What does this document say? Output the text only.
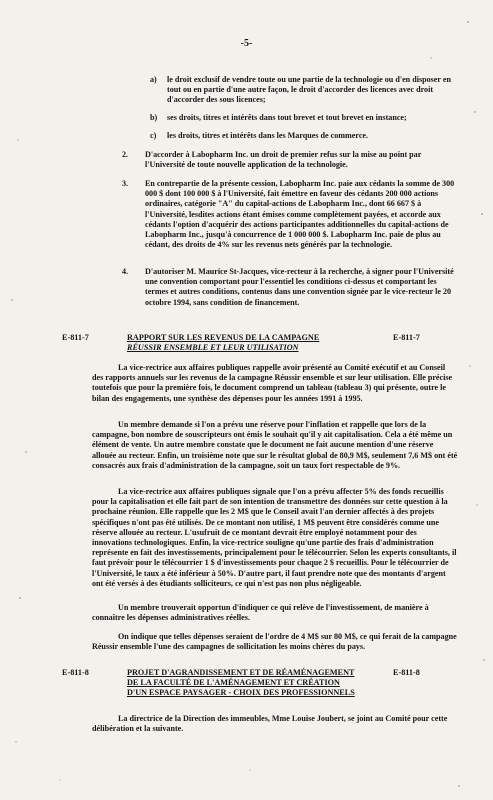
-5-
a) le droit exclusif de vendre toute ou une partie de la technologie ou d'en disposer en tout ou en partie d'une autre façon, le droit d'accorder des licences avec droit d'accorder des sous licences;
b) ses droits, titres et intérêts dans tout brevet et tout brevet en instance;
c) les droits, titres et intérêts dans les Marques de commerce.
2. D'accorder à Labopharm Inc. un droit de premier refus sur la mise au point par l'Université de toute nouvelle application de la technologie.
3. En contrepartie de la présente cession, Labopharm Inc. paie aux cédants la somme de 300 000 $ dont 100 000 $ à l'Université, fait émettre en faveur des cédants 200 000 actions ordinaires, catégorie "A" du capital-actions de Labopharm Inc., dont 66 667 $ à l'Université, lesdites actions étant émises comme complètement payées, et accorde aux cédants l'option d'acquérir des actions participantes additionnelles du capital-actions de Labopharm Inc., jusqu'à concurrence de 1 000 000 $. Labopharm Inc. paie de plus au cédant, des droits de 4% sur les revenus nets générés par la technologie.
4. D'autoriser M. Maurice St-Jacques, vice-recteur à la recherche, à signer pour l'Université une convention comportant pour l'essentiel les conditions ci-dessus et comportant les termes et autres conditions, contenus dans une convention signée par le vice-recteur le 20 octobre 1994, sans condition de financement.
E-811-7	RAPPORT SUR LES REVENUS DE LA CAMPAGNE
RÉUSSIR ENSEMBLE ET LEUR UTILISATION
E-811-7
La vice-rectrice aux affaires publiques rappelle avoir présenté au Comité exécutif et au Conseil des rapports annuels sur les revenus de la campagne Réussir ensemble et sur leur utilisation. Elle précise toutefois que pour la première fois, le document comprend un tableau (tableau 3) qui présente, outre le bilan des engagements, une synthèse des dépenses pour les années 1991 à 1995.
Un membre demande si l'on a prévu une réserve pour l'inflation et rappelle que lors de la campagne, bon nombre de souscripteurs ont émis le souhait qu'il y ait capitalisation. Cela a été même un élément de vente. Un autre membre constate que le document ne fait aucune mention d'une réserve allouée au recteur. Enfin, un troisième note que sur le résultat global de 80,9 M$, seulement 7,6 M$ ont été consacrés aux frais d'administration de la campagne, soit un taux fort respectable de 9%.
La vice-rectrice aux affaires publiques signale que l'on a prévu affecter 5% des fonds recueillis pour la capitalisation et elle fait part de son intention de transmettre des données sur cette question à la prochaine réunion. Elle rappelle que les 2 M$ que le Conseil avait l'an dernier affectés à des projets spécifiques n'ont pas été utilisés. De ce montant non utilisé, 1 M$ peuvent être considérés comme une réserve allouée au recteur. L'usufruit de ce montant devrait être employé notamment pour des innovations technologiques. Enfin, la vice-rectrice souligne qu'une partie des frais d'administration représente en fait des investissements, principalement pour le télécourrier. Selon les experts consultants, il faut prévoir pour le télécourrier 1 $ d'investissements pour chaque 2 $ recueillis. Pour le télécourrier de l'Université, le taux a été inférieur à 50%. D'autre part, il faut prendre note que des montants d'argent ont été versés à des étudiants solliciteurs, ce qui n'est pas non plus négligeable.
Un membre trouverait opportun d'indiquer ce qui relève de l'investissement, de manière à connaître les dépenses administratives réelles.
On indique que telles dépenses seraient de l'ordre de 4 M$ sur 80 M$, ce qui ferait de la campagne Réussir ensemble l'une des campagnes de sollicitation les moins chères du pays.
E-811-8	PROJET D'AGRANDISSEMENT ET DE RÉAMÉNAGEMENT
DE LA FACULTÉ DE L'AMÉNAGEMENT ET CRÉATION
D'UN ESPACE PAYSAGER - CHOIX DES PROFESSIONNELS
E-811-8
La directrice de la Direction des immeubles, Mme Louise Joubert, se joint au Comité pour cette délibération et la suivante.
